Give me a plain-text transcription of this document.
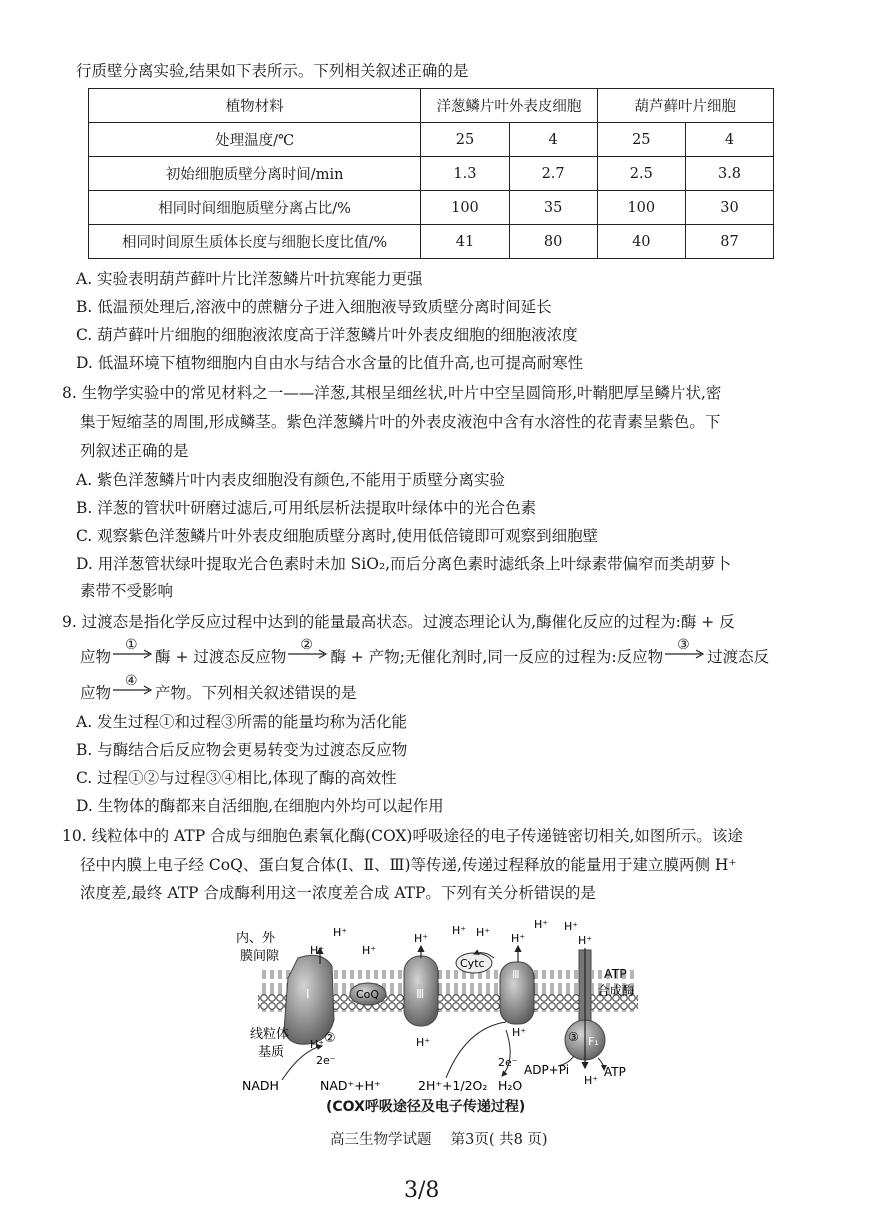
行质壁分离实验,结果如下表所示。下列相关叙述正确的是
植物材料	洋葱鳞片叶外表皮细胞		葫芦藓叶片细胞	
处理温度/℃	25	4	25	4
初始细胞质壁分离时间/min	1.3	2.7	2.5	3.8
相同时间细胞质壁分离占比/%	100	35	100	30
相同时间原生质体长度与细胞长度比值/%	41	80	40	87
A. 实验表明葫芦藓叶片比洋葱鳞片叶抗寒能力更强
B. 低温预处理后,溶液中的蔗糖分子进入细胞液导致质壁分离时间延长
C. 葫芦藓叶片细胞的细胞液浓度高于洋葱鳞片叶外表皮细胞的细胞液浓度
D. 低温环境下植物细胞内自由水与结合水含量的比值升高,也可提高耐寒性
8. 生物学实验中的常见材料之一——洋葱,其根呈细丝状,叶片中空呈圆筒形,叶鞘肥厚呈鳞片状,密
集于短缩茎的周围,形成鳞茎。紫色洋葱鳞片叶的外表皮液泡中含有水溶性的花青素呈紫色。下
列叙述正确的是
A. 紫色洋葱鳞片叶内表皮细胞没有颜色,不能用于质壁分离实验
B. 洋葱的管状叶研磨过滤后,可用纸层析法提取叶绿体中的光合色素
C. 观察紫色洋葱鳞片叶外表皮细胞质壁分离时,使用低倍镜即可观察到细胞壁
D. 用洋葱管状绿叶提取光合色素时未加 SiO₂,而后分离色素时滤纸条上叶绿素带偏窄而类胡萝卜
素带不受影响
9. 过渡态是指化学反应过程中达到的能量最高状态。过渡态理论认为,酶催化反应的过程为:酶 + 反
应物
①
酶 + 过渡态反应物
②
酶 + 产物;无催化剂时,同一反应的过程为:反应物
③
过渡态反
应物
④
产物。下列相关叙述错误的是
A. 发生过程①和过程③所需的能量均称为活化能
B. 与酶结合后反应物会更易转变为过渡态反应物
C. 过程①②与过程③④相比,体现了酶的高效性
D. 生物体的酶都来自活细胞,在细胞内外均可以起作用
10. 线粒体中的 ATP 合成与细胞色素氧化酶(COX)呼吸途径的电子传递链密切相关,如图所示。该途
径中内膜上电子经 CoQ、蛋白复合体(Ⅰ、Ⅱ、Ⅲ)等传递,传递过程释放的能量用于建立膜两侧 H⁺
浓度差,最终 ATP 合成酶利用这一浓度差合成 ATP。下列有关分析错误的是
Ⅰ	CoQ	Ⅲ
Cytc
Ⅲ
F₁
③
内、外 膜间隙
线粒体 基质
ATP 合成酶
H⁺
H⁺
H⁺
H⁺
H⁺ H⁺ H⁺
H⁺ H⁺
H⁺
H⁺
H⁺
H⁺
H⁺
②
2e⁻	2e⁻
NADH	NAD⁺+H⁺	2H⁺+1/2O₂ H₂O
ADP+Pi	ATP
(COX呼吸途径及电子传递过程)
高三生物学试题　 第3页( 共8 页)
3/8
